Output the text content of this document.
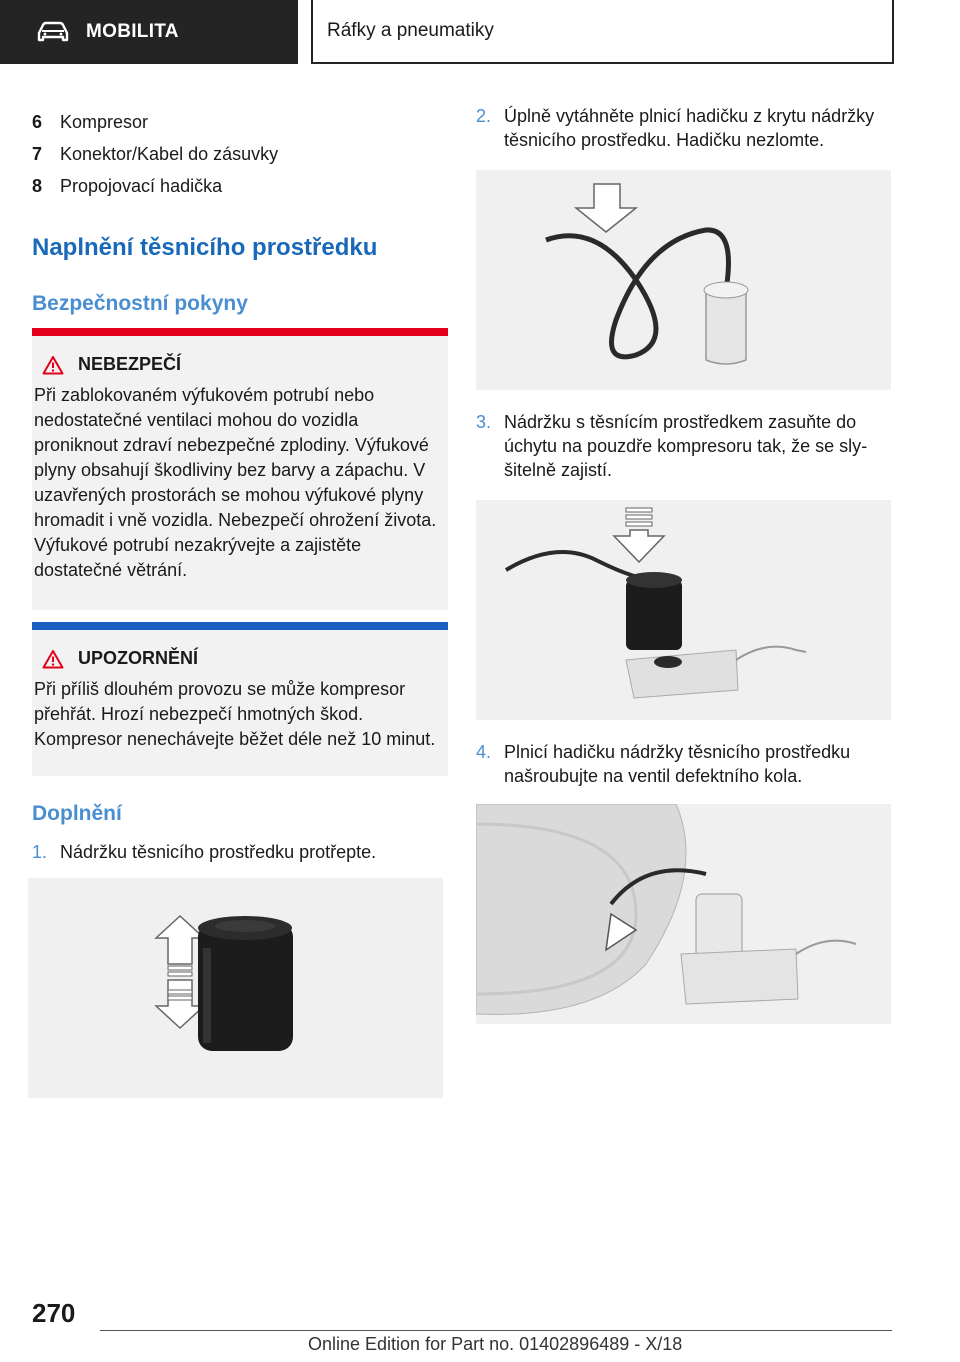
MOBILITA	Ráfky a pneumatiky
6 Kompresor
7 Konektor/Kabel do zásuvky
8 Propojovací hadička
Naplnění těsnicího prostředku
Bezpečnostní pokyny
NEBEZPEČÍ
Při zablokovaném výfukovém potrubí nebo nedostatečné ventilaci mohou do vozidla proniknout zdraví nebezpečné zplodiny. Výfukové plyny obsahují škodliviny bez barvy a zápachu. V uzavřených prostorách se mohou výfukové plyny hromadit i vně vozidla. Nebezpečí ohrožení života. Výfukové potrubí nezakrývejte a zajistěte dostatečné větrání.
UPOZORNĚNÍ
Při příliš dlouhém provozu se může kompresor přehřát. Hrozí nebezpečí hmotných škod. Kompresor nenechávejte běžet déle než 10 minut.
Doplnění
1. Nádržku těsnicího prostředku protřepte.
2. Úplně vytáhněte plnicí hadičku z krytu nádržky těsnicího prostředku. Hadičku nezlomte.
3. Nádržku s těsnícím prostředkem zasuňte do úchytu na pouzdře kompresoru tak, že se slyšitelně zajistí.
4. Plnicí hadičku nádržky těsnicího prostředku našroubujte na ventil defektního kola.
270
Online Edition for Part no. 01402896489 - X/18
